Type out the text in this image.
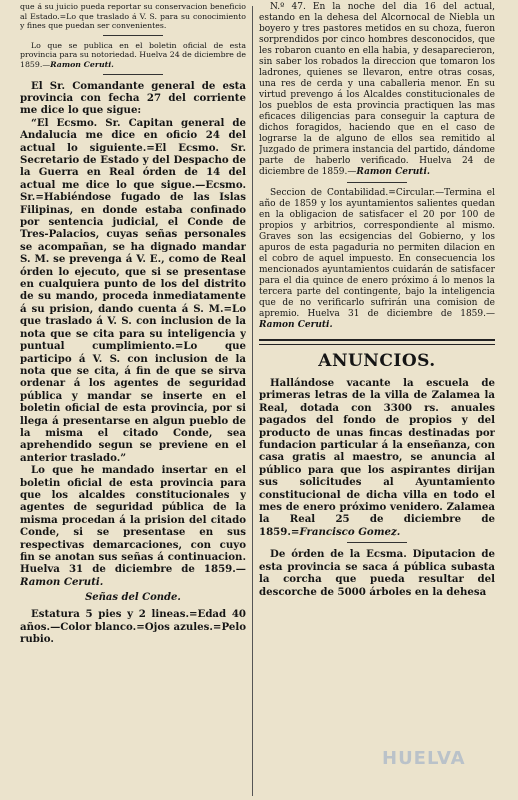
que á su juicio pueda reportar su conservacion beneficio al Estado.=Lo que traslado á V. S. para su conocimiento y fines que puedan ser convenientes.

Lo que se publica en el boletin oficial de esta provincia para su notoriedad. Huelva 24 de diciembre de 1859.—Ramon Ceruti.

El Sr. Comandante general de esta provincia con fecha 27 del corriente me dice lo que sigue:

“El Ecsmo. Sr. Capitan general de Andalucia me dice en oficio 24 del actual lo siguiente.=El Ecsmo. Sr. Secretario de Estado y del Despacho de la Guerra en Real órden de 14 del actual me dice lo que sigue.—Ecsmo. Sr.=Habiéndose fugado de las Islas Filipinas, en donde estaba confinado por sentencia judicial, el Conde de Tres-Palacios, cuyas señas personales se acompañan, se ha dignado mandar S. M. se prevenga á V. E., como de Real órden lo ejecuto, que si se presentase en cualquiera punto de los del distrito de su mando, proceda inmediatamente á su prision, dando cuenta á S. M.=Lo que traslado á V. S. con inclusion de la nota que se cita para su inteligencia y puntual cumplimiento.=Lo que participo á V. S. con inclusion de la nota que se cita, á fin de que se sirva ordenar á los agentes de seguridad pública y mandar se inserte en el boletin oficial de esta provincia, por si llega á presentarse en algun pueblo de la misma el citado Conde, sea aprehendido segun se previene en el anterior traslado.”

Lo que he mandado insertar en el boletin oficial de esta provincia para que los alcaldes constitucionales y agentes de seguridad pública de la misma procedan á la prision del citado Conde, si se presentase en sus respectivas demarcaciones, con cuyo fin se anotan sus señas á continuacion. Huelva 31 de diciembre de 1859.—Ramon Ceruti.

Señas del Conde.

Estatura 5 pies y 2 lineas.=Edad 40 años.—Color blanco.=Ojos azules.=Pelo rubio.

N.º 47. En la noche del dia 16 del actual, estando en la dehesa del Alcornocal de Niebla un boyero y tres pastores metidos en su choza, fueron sorprendidos por cinco hombres desconocidos, que les robaron cuanto en ella habia, y desaparecieron, sin saber los robados la direccion que tomaron los ladrones, quienes se llevaron, entre otras cosas, una res de cerda y una caballeria menor. En su virtud prevengo á los Alcaldes constitucionales de los pueblos de esta provincia practiquen las mas eficaces diligencias para conseguir la captura de dichos foragidos, haciendo que en el caso de lograrse la de alguno de ellos sea remitido al Juzgado de primera instancia del partido, dándome parte de haberlo verificado. Huelva 24 de diciembre de 1859.—Ramon Ceruti.

Seccion de Contabilidad.=Circular.—Termina el año de 1859 y los ayuntamientos salientes quedan en la obligacion de satisfacer el 20 por 100 de propios y arbitrios, correspondiente al mismo. Graves son las ecsigencias del Gobierno, y los apuros de esta pagaduria no permiten dilacion en el cobro de aquel impuesto. En consecuencia los mencionados ayuntamientos cuidarán de satisfacer para el dia quince de enero próximo á lo menos la tercera parte del contingente, bajo la inteligencia que de no verificarlo sufrirán una comision de apremio. Huelva 31 de diciembre de 1859.—Ramon Ceruti.

ANUNCIOS.

Hallándose vacante la escuela de primeras letras de la villa de Zalamea la Real, dotada con 3300 rs. anuales pagados del fondo de propios y del producto de unas fincas destinadas por fundacion particular á la enseñanza, con casa gratis al maestro, se anuncia al público para que los aspirantes dirijan sus solicitudes al Ayuntamiento constitucional de dicha villa en todo el mes de enero próximo venidero. Zalamea la Real 25 de diciembre de 1859.=Francisco Gomez.

De órden de la Ecsma. Diputacion de esta provincia se saca á pública subasta la corcha que pueda resultar del descorche de 5000 árboles en la dehesa

HUELVA
